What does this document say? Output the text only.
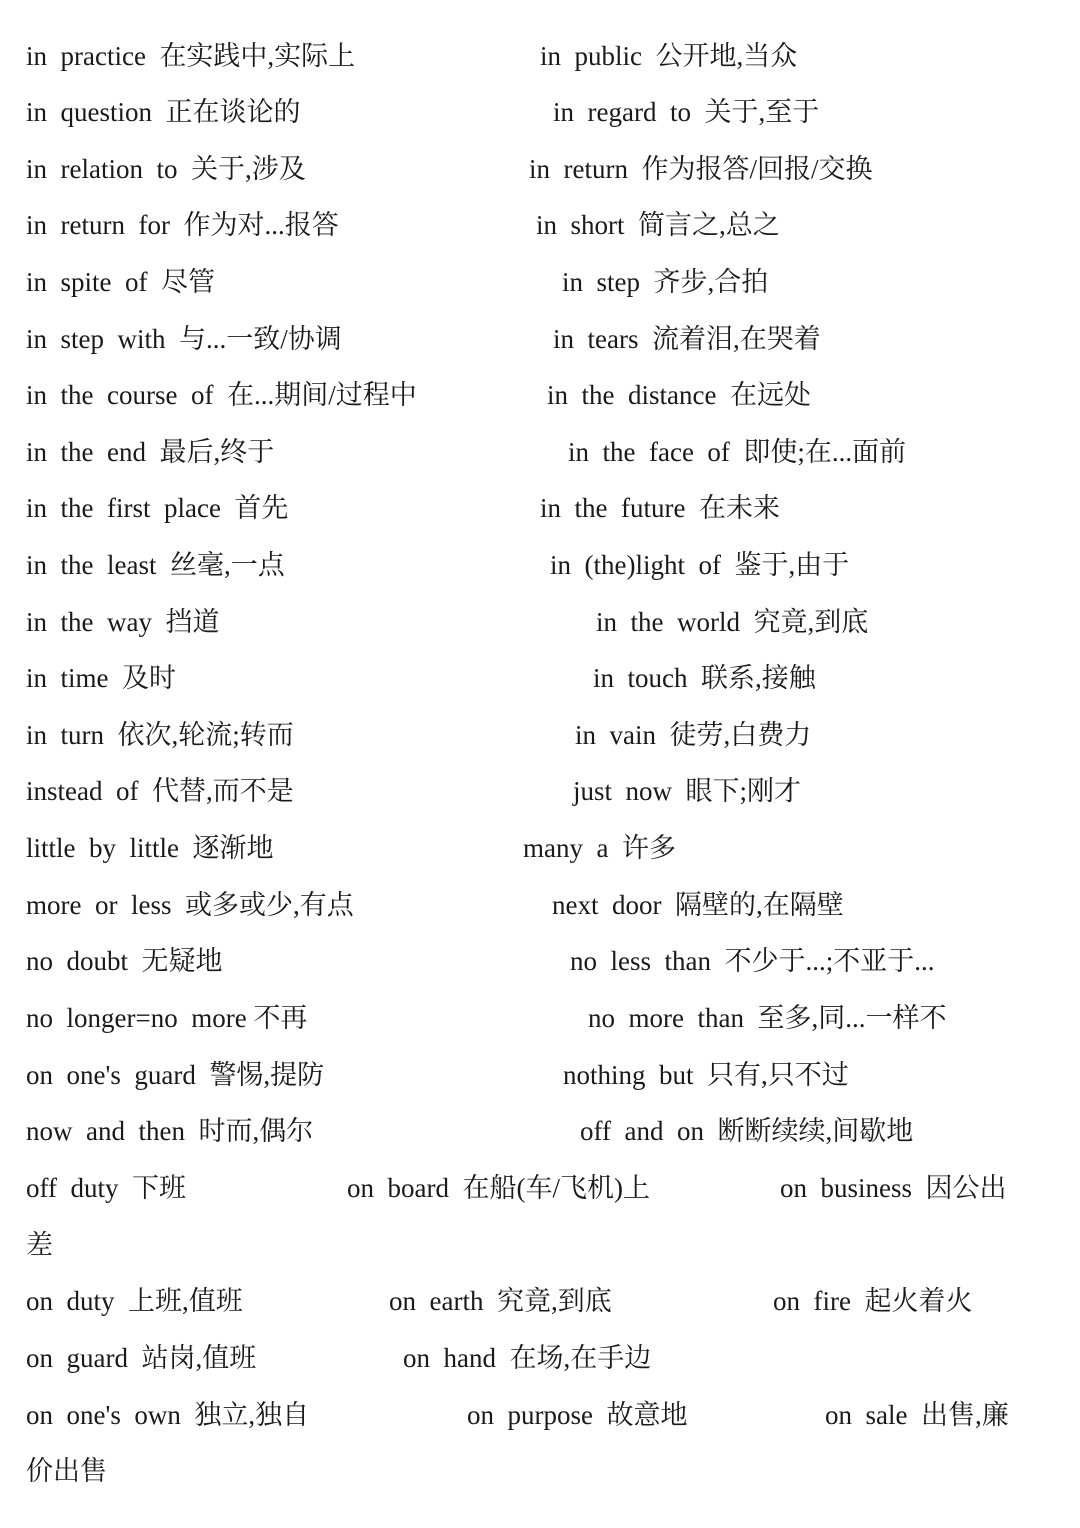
in  practice  在实践中,实际上	in  public  公开地,当众
in  question  正在谈论的	in  regard  to  关于,至于
in  relation  to  关于,涉及	in  return  作为报答/回报/交换
in  return  for  作为对...报答	in  short  简言之,总之
in  spite  of  尽管	in  step  齐步,合拍
in  step  with  与...一致/协调	in  tears  流着泪,在哭着
in  the  course  of  在...期间/过程中	in  the  distance  在远处
in  the  end  最后,终于	in  the  face  of  即使;在...面前
in  the  first  place  首先	in  the  future  在未来
in  the  least  丝毫,一点	in  (the)light  of  鉴于,由于
in  the  way  挡道	in  the  world  究竟,到底
in  time  及时	in  touch  联系,接触
in  turn  依次,轮流;转而	in  vain  徒劳,白费力
instead  of  代替,而不是	just  now  眼下;刚才
little  by  little  逐渐地	many  a  许多
more  or  less  或多或少,有点	next  door  隔壁的,在隔壁
no  doubt  无疑地	no  less  than  不少于...;不亚于...
no  longer=no  more 不再	no  more  than  至多,同...一样不
on  one's  guard  警惕,提防	nothing  but  只有,只不过
now  and  then  时而,偶尔	off  and  on  断断续续,间歇地
off  duty  下班	on  board  在船(车/飞机)上	on  business  因公出
差
on  duty  上班,值班	on  earth  究竟,到底	on  fire  起火着火
on  guard  站岗,值班	on  hand  在场,在手边
on  one's  own  独立,独自	on  purpose  故意地	on  sale  出售,廉
价出售
